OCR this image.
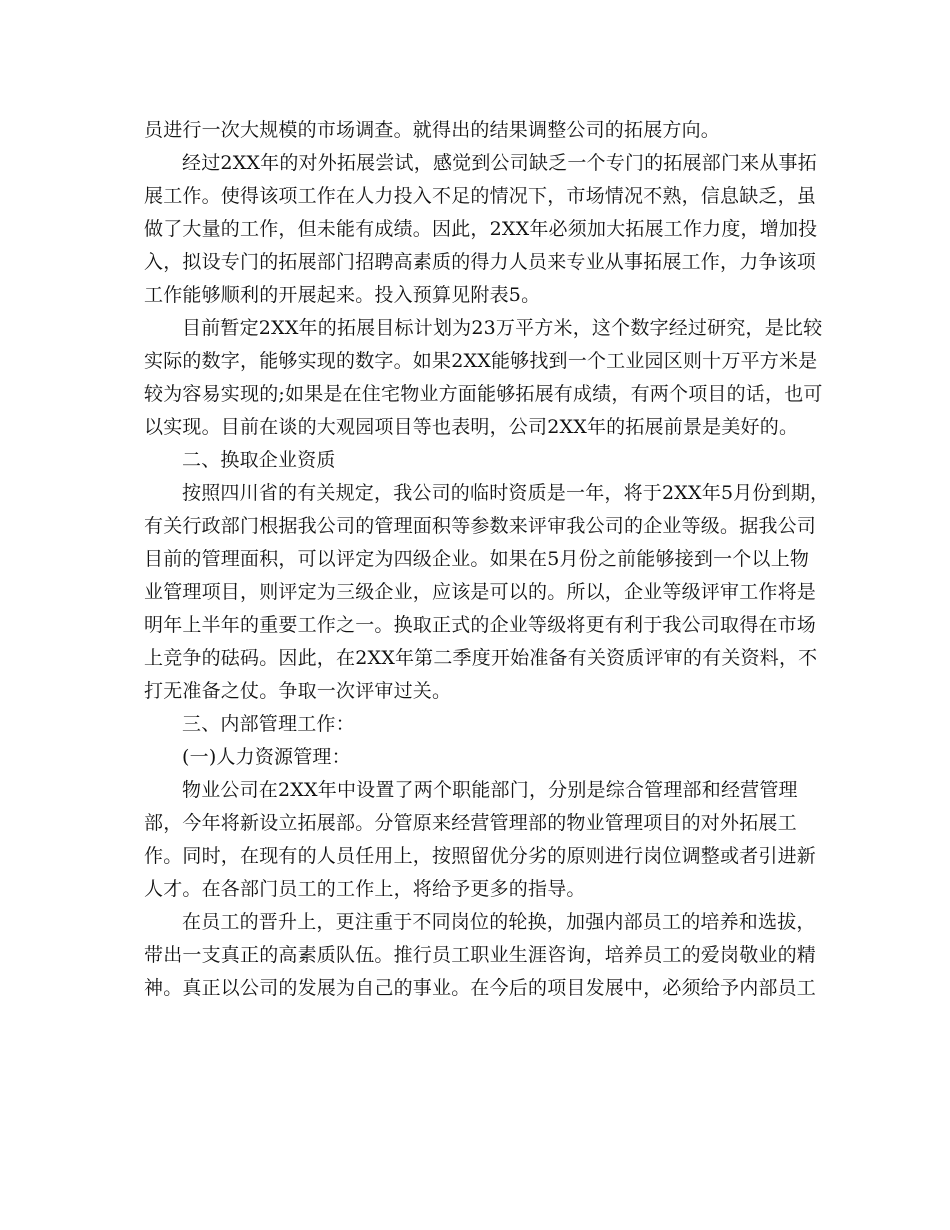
员进行一次大规模的市场调查。就得出的结果调整公司的拓展方向。
经过2XX年的对外拓展尝试，感觉到公司缺乏一个专门的拓展部门来从事拓
展工作。使得该项工作在人力投入不足的情况下，市场情况不熟，信息缺乏，虽
做了大量的工作，但未能有成绩。因此，2XX年必须加大拓展工作力度，增加投
入，拟设专门的拓展部门招聘高素质的得力人员来专业从事拓展工作，力争该项
工作能够顺利的开展起来。投入预算见附表5。
目前暂定2XX年的拓展目标计划为23万平方米，这个数字经过研究，是比较
实际的数字，能够实现的数字。如果2XX能够找到一个工业园区则十万平方米是
较为容易实现的;如果是在住宅物业方面能够拓展有成绩，有两个项目的话，也可
以实现。目前在谈的大观园项目等也表明，公司2XX年的拓展前景是美好的。
二、换取企业资质
按照四川省的有关规定，我公司的临时资质是一年，将于2XX年5月份到期，
有关行政部门根据我公司的管理面积等参数来评审我公司的企业等级。据我公司
目前的管理面积，可以评定为四级企业。如果在5月份之前能够接到一个以上物
业管理项目，则评定为三级企业，应该是可以的。所以，企业等级评审工作将是
明年上半年的重要工作之一。换取正式的企业等级将更有利于我公司取得在市场
上竞争的砝码。因此，在2XX年第二季度开始准备有关资质评审的有关资料，不
打无准备之仗。争取一次评审过关。
三、内部管理工作：
(一)人力资源管理：
物业公司在2XX年中设置了两个职能部门，分别是综合管理部和经营管理
部，今年将新设立拓展部。分管原来经营管理部的物业管理项目的对外拓展工
作。同时，在现有的人员任用上，按照留优分劣的原则进行岗位调整或者引进新
人才。在各部门员工的工作上，将给予更多的指导。
在员工的晋升上，更注重于不同岗位的轮换，加强内部员工的培养和选拔，
带出一支真正的高素质队伍。推行员工职业生涯咨询，培养员工的爱岗敬业的精
神。真正以公司的发展为自己的事业。在今后的项目发展中，必须给予内部员工
